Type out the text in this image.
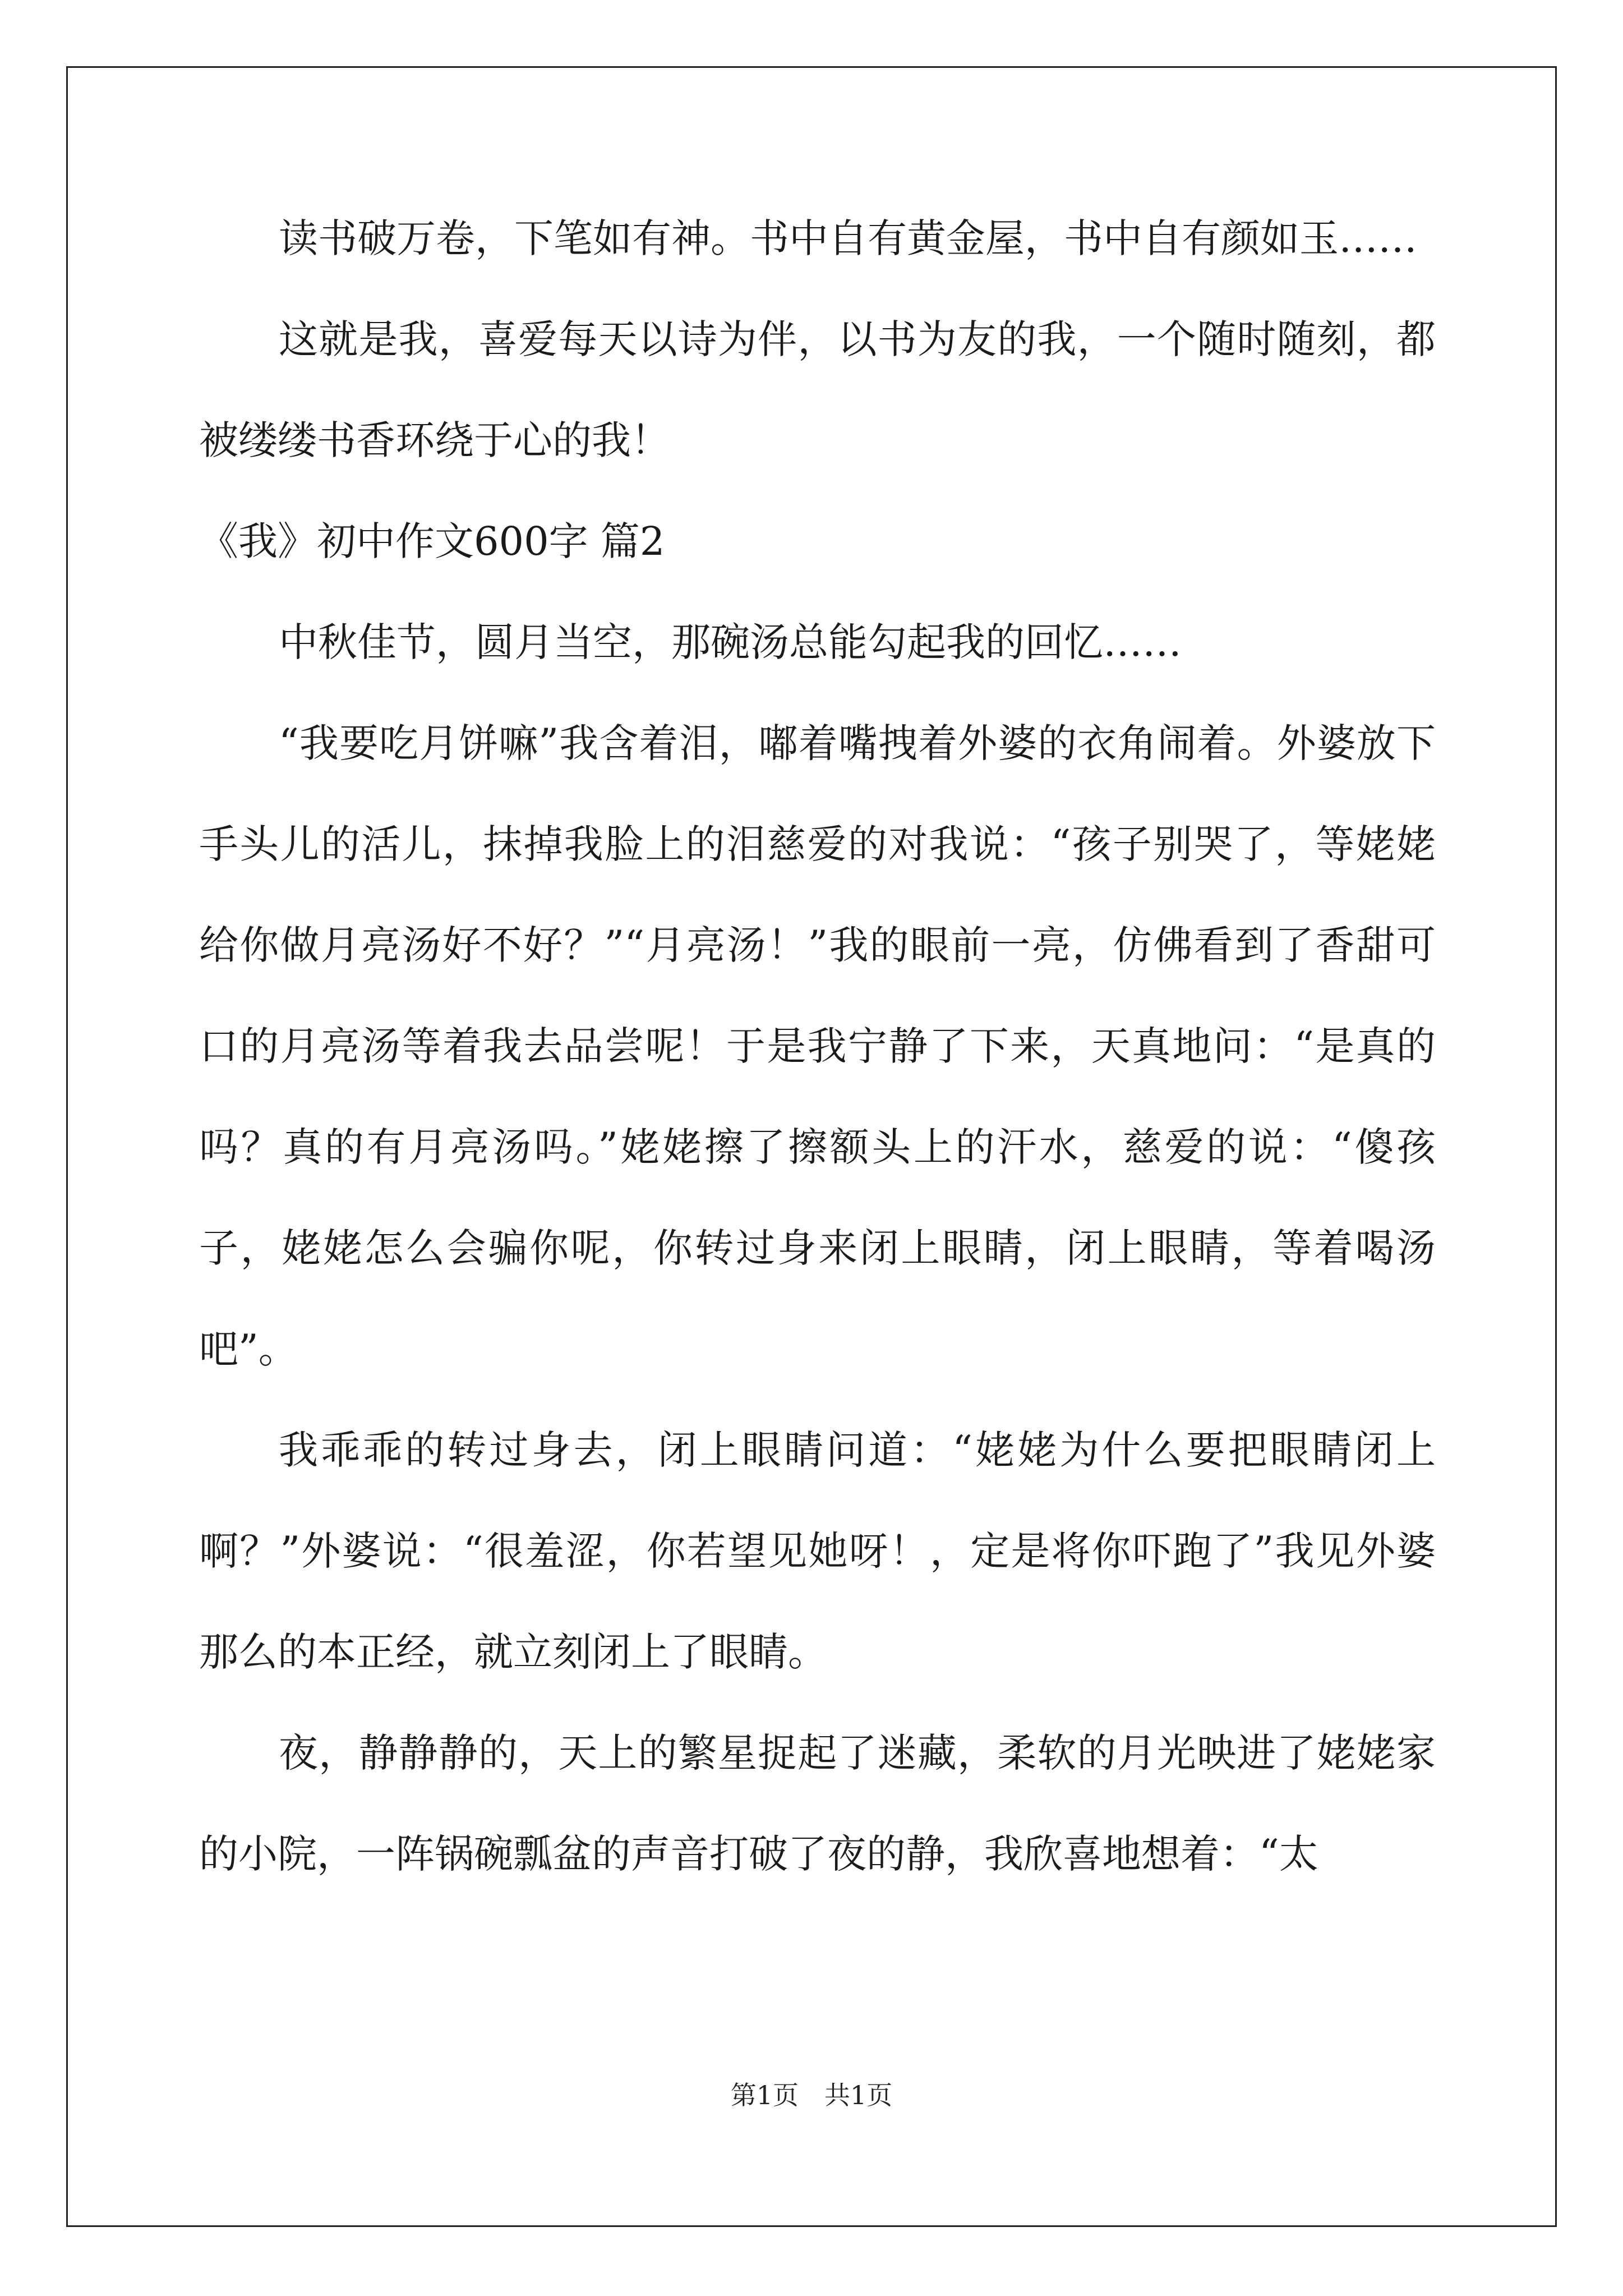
读书破万卷，下笔如有神。书中自有黄金屋，书中自有颜如玉……

这就是我，喜爱每天以诗为伴，以书为友的我，一个随时随刻，都被缕缕书香环绕于心的我！

《我》初中作文600字 篇2

中秋佳节，圆月当空，那碗汤总能勾起我的回忆……

“我要吃月饼嘛”我含着泪，嘟着嘴拽着外婆的衣角闹着。外婆放下手头儿的活儿，抹掉我脸上的泪慈爱的对我说：“孩子别哭了，等姥姥给你做月亮汤好不好？”“月亮汤！”我的眼前一亮，仿佛看到了香甜可口的月亮汤等着我去品尝呢！于是我宁静了下来，天真地问：“是真的吗？真的有月亮汤吗。”姥姥擦了擦额头上的汗水，慈爱的说：“傻孩子，姥姥怎么会骗你呢，你转过身来闭上眼睛，闭上眼睛，等着喝汤吧”。

我乖乖的转过身去，闭上眼睛问道：“姥姥为什么要把眼睛闭上啊？”外婆说：“很羞涩，你若望见她呀！，定是将你吓跑了”我见外婆那么的本正经，就立刻闭上了眼睛。

夜，静静静的，天上的繁星捉起了迷藏，柔软的月光映进了姥姥家的小院，一阵锅碗瓢盆的声音打破了夜的静，我欣喜地想着：“太

第1页　共1页
